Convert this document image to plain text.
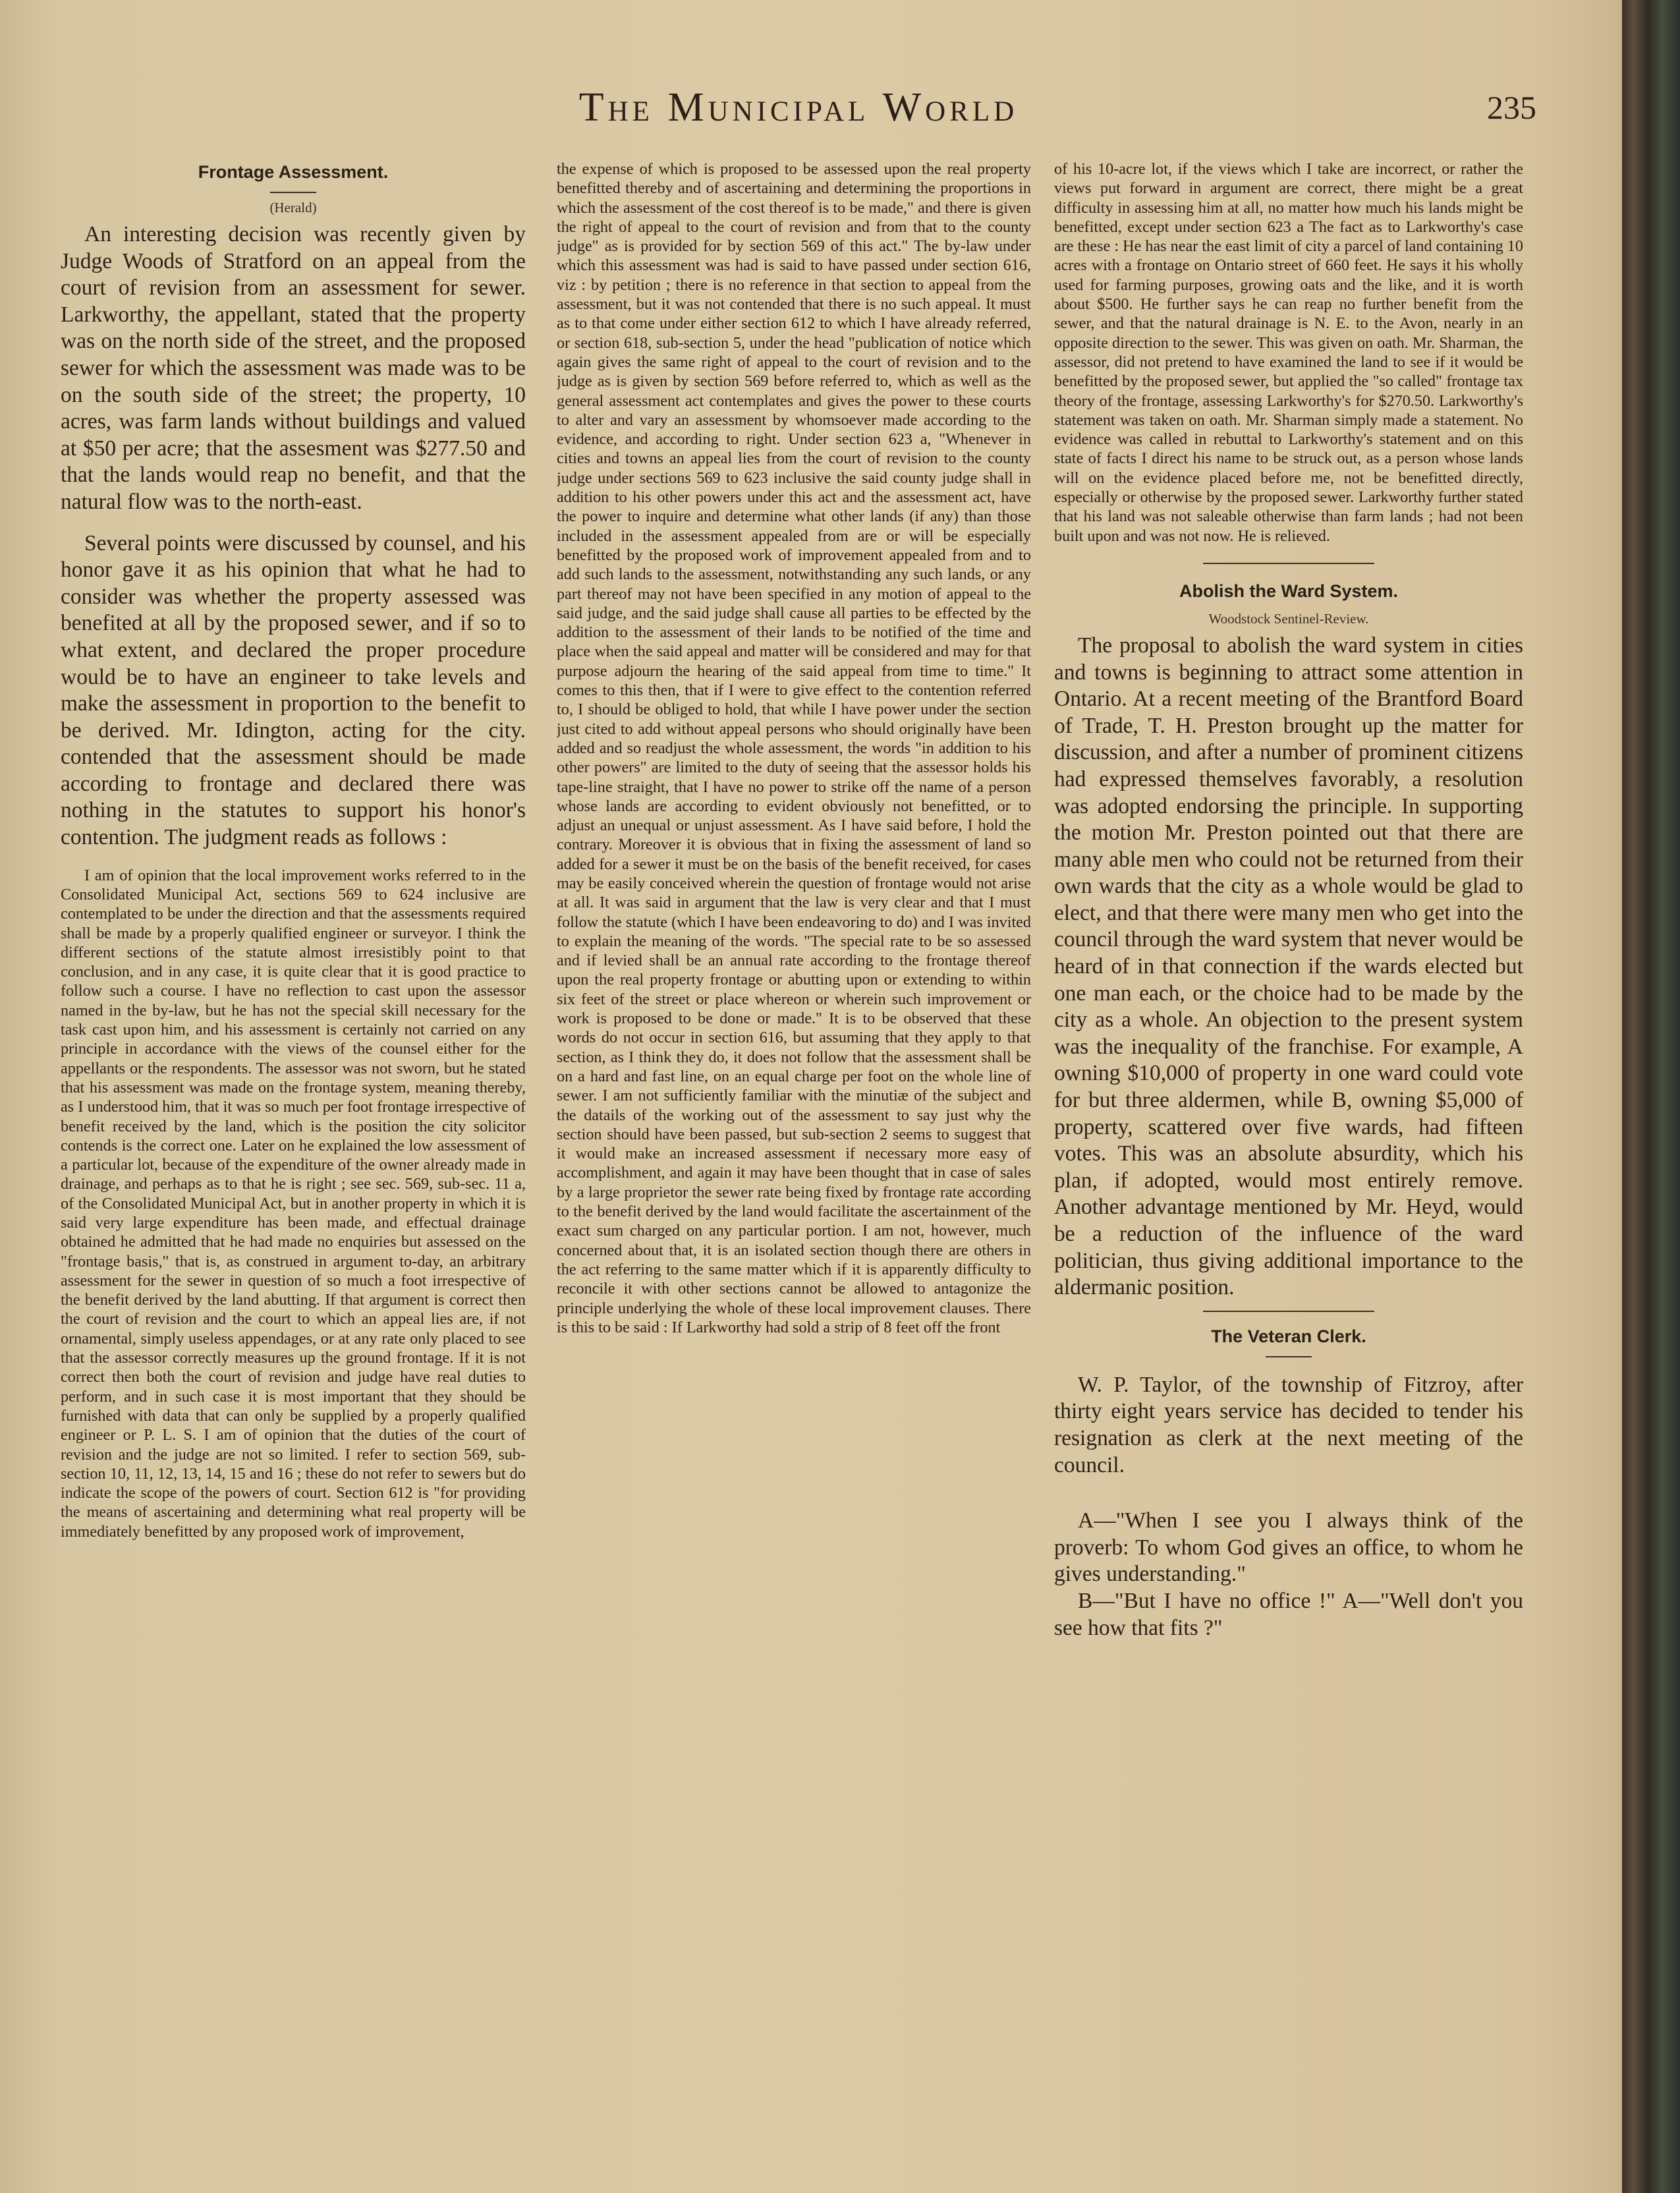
The Municipal World	235
Frontage Assessment.
(Herald)

An interesting decision was recently given by Judge Woods of Stratford on an appeal from the court of revision from an assessment for sewer. Larkworthy, the appellant, stated that the property was on the north side of the street, and the proposed sewer for which the assessment was made was to be on the south side of the street; the property, 10 acres, was farm lands without buildings and valued at $50 per acre; that the assesment was $277.50 and that the lands would reap no benefit, and that the natural flow was to the north-east.

Several points were discussed by counsel, and his honor gave it as his opinion that what he had to consider was whether the property assessed was benefited at all by the proposed sewer, and if so to what extent, and declared the proper procedure would be to have an engineer to take levels and make the assessment in proportion to the benefit to be derived. Mr. Idington, acting for the city. contended that the assessment should be made according to frontage and declared there was nothing in the statutes to support his honor's contention. The judgment reads as follows :

I am of opinion that the local improvement works referred to in the Consolidated Municipal Act, sections 569 to 624 inclusive are contemplated to be under the direction and that the assessments required shall be made by a properly qualified engineer or surveyor. I think the different sections of the statute almost irresistibly point to that conclusion, and in any case, it is quite clear that it is good practice to follow such a course. I have no reflection to cast upon the assessor named in the by-law, but he has not the special skill necessary for the task cast upon him, and his assessment is certainly not carried on any principle in accordance with the views of the counsel either for the appellants or the respondents. The assessor was not sworn, but he stated that his assessment was made on the frontage system, meaning thereby, as I understood him, that it was so much per foot frontage irrespective of benefit received by the land, which is the position the city solicitor contends is the correct one. Later on he explained the low assessment of a particular lot, because of the expenditure of the owner already made in drainage, and perhaps as to that he is right ; see sec. 569, sub-sec. 11 a, of the Consolidated Municipal Act, but in another property in which it is said very large expenditure has been made, and effectual drainage obtained he admitted that he had made no enquiries but assessed on the "frontage basis," that is, as construed in argument to-day, an arbitrary assessment for the sewer in question of so much a foot irrespective of the benefit derived by the land abutting. If that argument is correct then the court of revision and the court to which an appeal lies are, if not ornamental, simply useless appendages, or at any rate only placed to see that the assessor correctly measures up the ground frontage. If it is not correct then both the court of revision and judge have real duties to perform, and in such case it is most important that they should be furnished with data that can only be supplied by a properly qualified engineer or P. L. S. I am of opinion that the duties of the court of revision and the judge are not so limited. I refer to section 569, sub-section 10, 11, 12, 13, 14, 15 and 16 ; these do not refer to sewers but do indicate the scope of the powers of court. Section 612 is "for providing the means of ascertaining and determining what real property will be immediately benefitted by any proposed work of improvement,

the expense of which is proposed to be assessed upon the real property benefitted thereby and of ascertaining and determining the proportions in which the assessment of the cost thereof is to be made," and there is given the right of appeal to the court of revision and from that to the county judge" as is provided for by section 569 of this act." The by-law under which this assessment was had is said to have passed under section 616, viz : by petition ; there is no reference in that section to appeal from the assessment, but it was not contended that there is no such appeal. It must as to that come under either section 612 to which I have already referred, or section 618, sub-section 5, under the head "publication of notice which again gives the same right of appeal to the court of revision and to the judge as is given by section 569 before referred to, which as well as the general assessment act contemplates and gives the power to these courts to alter and vary an assessment by whomsoever made according to the evidence, and according to right. Under section 623 a, "Whenever in cities and towns an appeal lies from the court of revision to the county judge under sections 569 to 623 inclusive the said county judge shall in addition to his other powers under this act and the assessment act, have the power to inquire and determine what other lands (if any) than those included in the assessment appealed from are or will be especially benefitted by the proposed work of improvement appealed from and to add such lands to the assessment, notwithstanding any such lands, or any part thereof may not have been specified in any motion of appeal to the said judge, and the said judge shall cause all parties to be effected by the addition to the assessment of their lands to be notified of the time and place when the said appeal and matter will be considered and may for that purpose adjourn the hearing of the said appeal from time to time." It comes to this then, that if I were to give effect to the contention referred to, I should be obliged to hold, that while I have power under the section just cited to add without appeal persons who should originally have been added and so readjust the whole assessment, the words "in addition to his other powers" are limited to the duty of seeing that the assessor holds his tape-line straight, that I have no power to strike off the name of a person whose lands are according to evident obviously not benefitted, or to adjust an unequal or unjust assessment. As I have said before, I hold the contrary. Moreover it is obvious that in fixing the assessment of land so added for a sewer it must be on the basis of the benefit received, for cases may be easily conceived wherein the question of frontage would not arise at all. It was said in argument that the law is very clear and that I must follow the statute (which I have been endeavoring to do) and I was invited to explain the meaning of the words. "The special rate to be so assessed and if levied shall be an annual rate according to the frontage thereof upon the real property frontage or abutting upon or extending to within six feet of the street or place whereon or wherein such improvement or work is proposed to be done or made." It is to be observed that these words do not occur in section 616, but assuming that they apply to that section, as I think they do, it does not follow that the assessment shall be on a hard and fast line, on an equal charge per foot on the whole line of sewer. I am not sufficiently familiar with the minutiæ of the subject and the datails of the working out of the assessment to say just why the section should have been passed, but sub-section 2 seems to suggest that it would make an increased assessment if necessary more easy of accomplishment, and again it may have been thought that in case of sales by a large proprietor the sewer rate being fixed by frontage rate according to the benefit derived by the land would facilitate the ascertainment of the exact sum charged on any particular portion. I am not, however, much concerned about that, it is an isolated section though there are others in the act referring to the same matter which if it is apparently difficulty to reconcile it with other sections cannot be allowed to antagonize the principle underlying the whole of these local improvement clauses. There is this to be said : If Larkworthy had sold a strip of 8 feet off the front

of his 10-acre lot, if the views which I take are incorrect, or rather the views put forward in argument are correct, there might be a great difficulty in assessing him at all, no matter how much his lands might be benefitted, except under section 623 a The fact as to Larkworthy's case are these : He has near the east limit of city a parcel of land containing 10 acres with a frontage on Ontario street of 660 feet. He says it his wholly used for farming purposes, growing oats and the like, and it is worth about $500. He further says he can reap no further benefit from the sewer, and that the natural drainage is N. E. to the Avon, nearly in an opposite direction to the sewer. This was given on oath. Mr. Sharman, the assessor, did not pretend to have examined the land to see if it would be benefitted by the proposed sewer, but applied the "so called" frontage tax theory of the frontage, assessing Larkworthy's for $270.50. Larkworthy's statement was taken on oath. Mr. Sharman simply made a statement. No evidence was called in rebuttal to Larkworthy's statement and on this state of facts I direct his name to be struck out, as a person whose lands will on the evidence placed before me, not be benefitted directly, especially or otherwise by the proposed sewer. Larkworthy further stated that his land was not saleable otherwise than farm lands ; had not been built upon and was not now. He is relieved.

Abolish the Ward System.
Woodstock Sentinel-Review.

The proposal to abolish the ward system in cities and towns is beginning to attract some attention in Ontario. At a recent meeting of the Brantford Board of Trade, T. H. Preston brought up the matter for discussion, and after a number of prominent citizens had expressed themselves favorably, a resolution was adopted endorsing the principle. In supporting the motion Mr. Preston pointed out that there are many able men who could not be returned from their own wards that the city as a whole would be glad to elect, and that there were many men who get into the council through the ward system that never would be heard of in that connection if the wards elected but one man each, or the choice had to be made by the city as a whole. An objection to the present system was the inequality of the franchise. For example, A owning $10,000 of property in one ward could vote for but three aldermen, while B, owning $5,000 of property, scattered over five wards, had fifteen votes. This was an absolute absurdity, which his plan, if adopted, would most entirely remove. Another advantage mentioned by Mr. Heyd, would be a reduction of the influence of the ward politician, thus giving additional importance to the aldermanic position.

The Veteran Clerk.

W. P. Taylor, of the township of Fitzroy, after thirty eight years service has decided to tender his resignation as clerk at the next meeting of the council.

A—"When I see you I always think of the proverb: To whom God gives an office, to whom he gives understanding."

B—"But I have no office !" A—"Well don't you see how that fits ?"
